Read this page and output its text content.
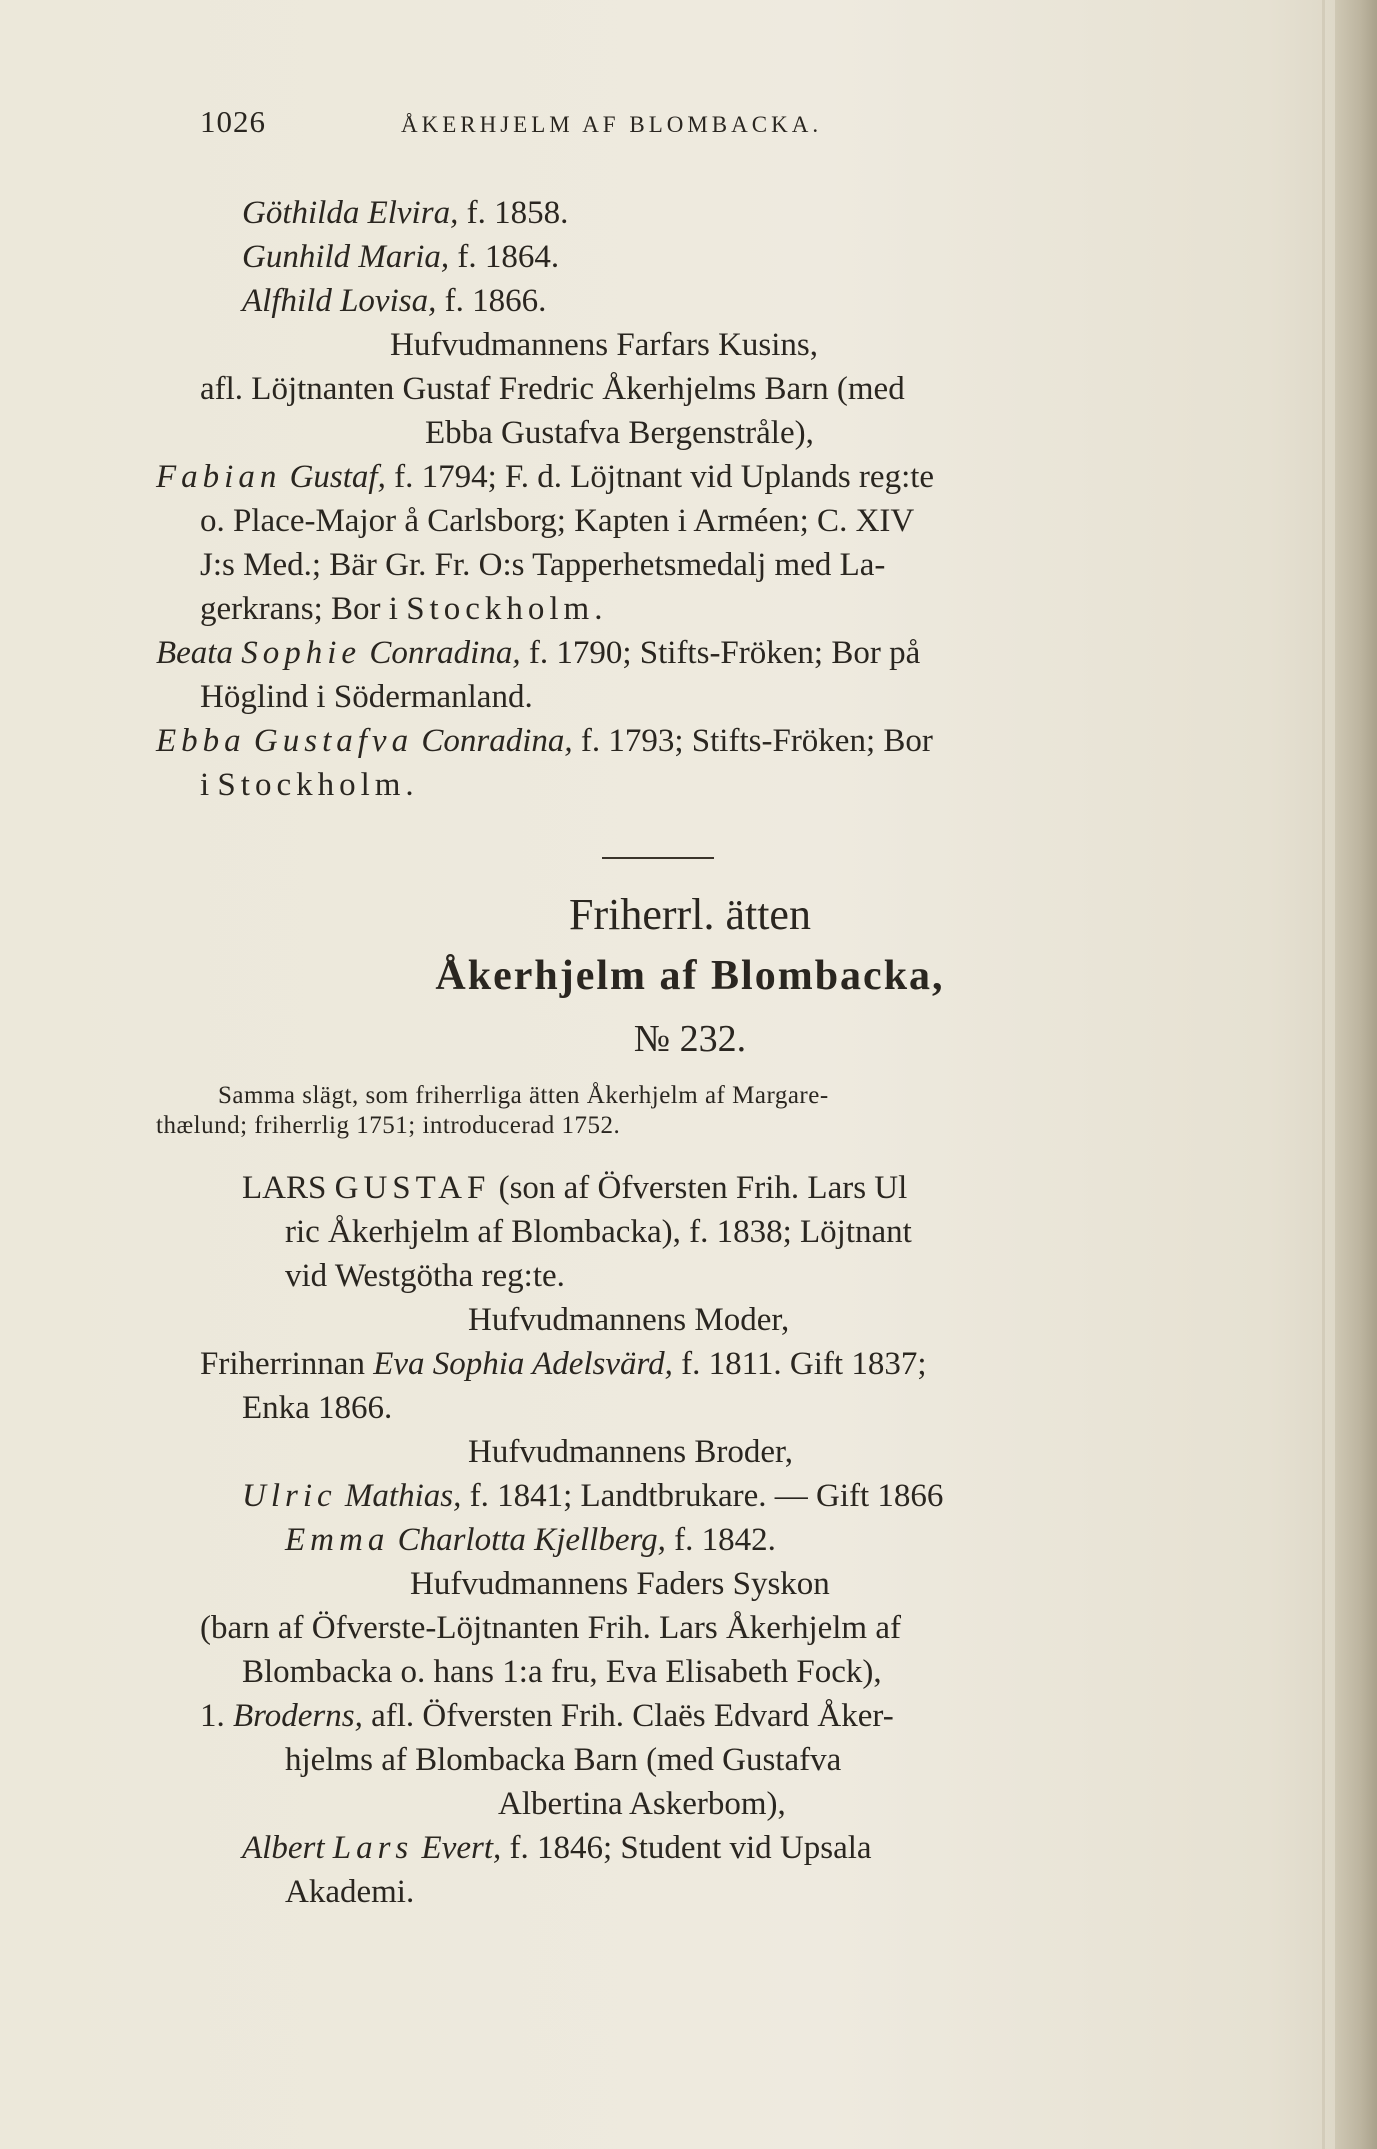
1026	ÅKERHJELM AF BLOMBACKA.
Göthilda Elvira, f. 1858.
Gunhild Maria, f. 1864.
Alfhild Lovisa, f. 1866.
Hufvudmannens Farfars Kusins,
afl. Löjtnanten Gustaf Fredric Åkerhjelms Barn (med
Ebba Gustafva Bergenstråle),
Fabian Gustaf, f. 1794; F. d. Löjtnant vid Uplands reg:te
o. Place-Major å Carlsborg; Kapten i Arméen; C. XIV
J:s Med.; Bär Gr. Fr. O:s Tapperhetsmedalj med La-
gerkrans; Bor i Stockholm.
Beata Sophie Conradina, f. 1790; Stifts-Fröken; Bor på
Höglind i Södermanland.
Ebba Gustafva Conradina, f. 1793; Stifts-Fröken; Bor
i Stockholm.
Friherrl. ätten
Åkerhjelm af Blombacka,
№ 232.
Samma slägt, som friherrliga ätten Åkerhjelm af Margare-
thælund; friherrlig 1751; introducerad 1752.
LARS GUSTAF (son af Öfversten Frih. Lars Ul
ric Åkerhjelm af Blombacka), f. 1838; Löjtnant
vid Westgötha reg:te.
Hufvudmannens Moder,
Friherrinnan Eva Sophia Adelsvärd, f. 1811. Gift 1837;
Enka 1866.
Hufvudmannens Broder,
Ulric Mathias, f. 1841; Landtbrukare. — Gift 1866
Emma Charlotta Kjellberg, f. 1842.
Hufvudmannens Faders Syskon
(barn af Öfverste-Löjtnanten Frih. Lars Åkerhjelm af
Blombacka o. hans 1:a fru, Eva Elisabeth Fock),
1. Broderns, afl. Öfversten Frih. Claës Edvard Åker-
hjelms af Blombacka Barn (med Gustafva
Albertina Askerbom),
Albert Lars Evert, f. 1846; Student vid Upsala
Akademi.
